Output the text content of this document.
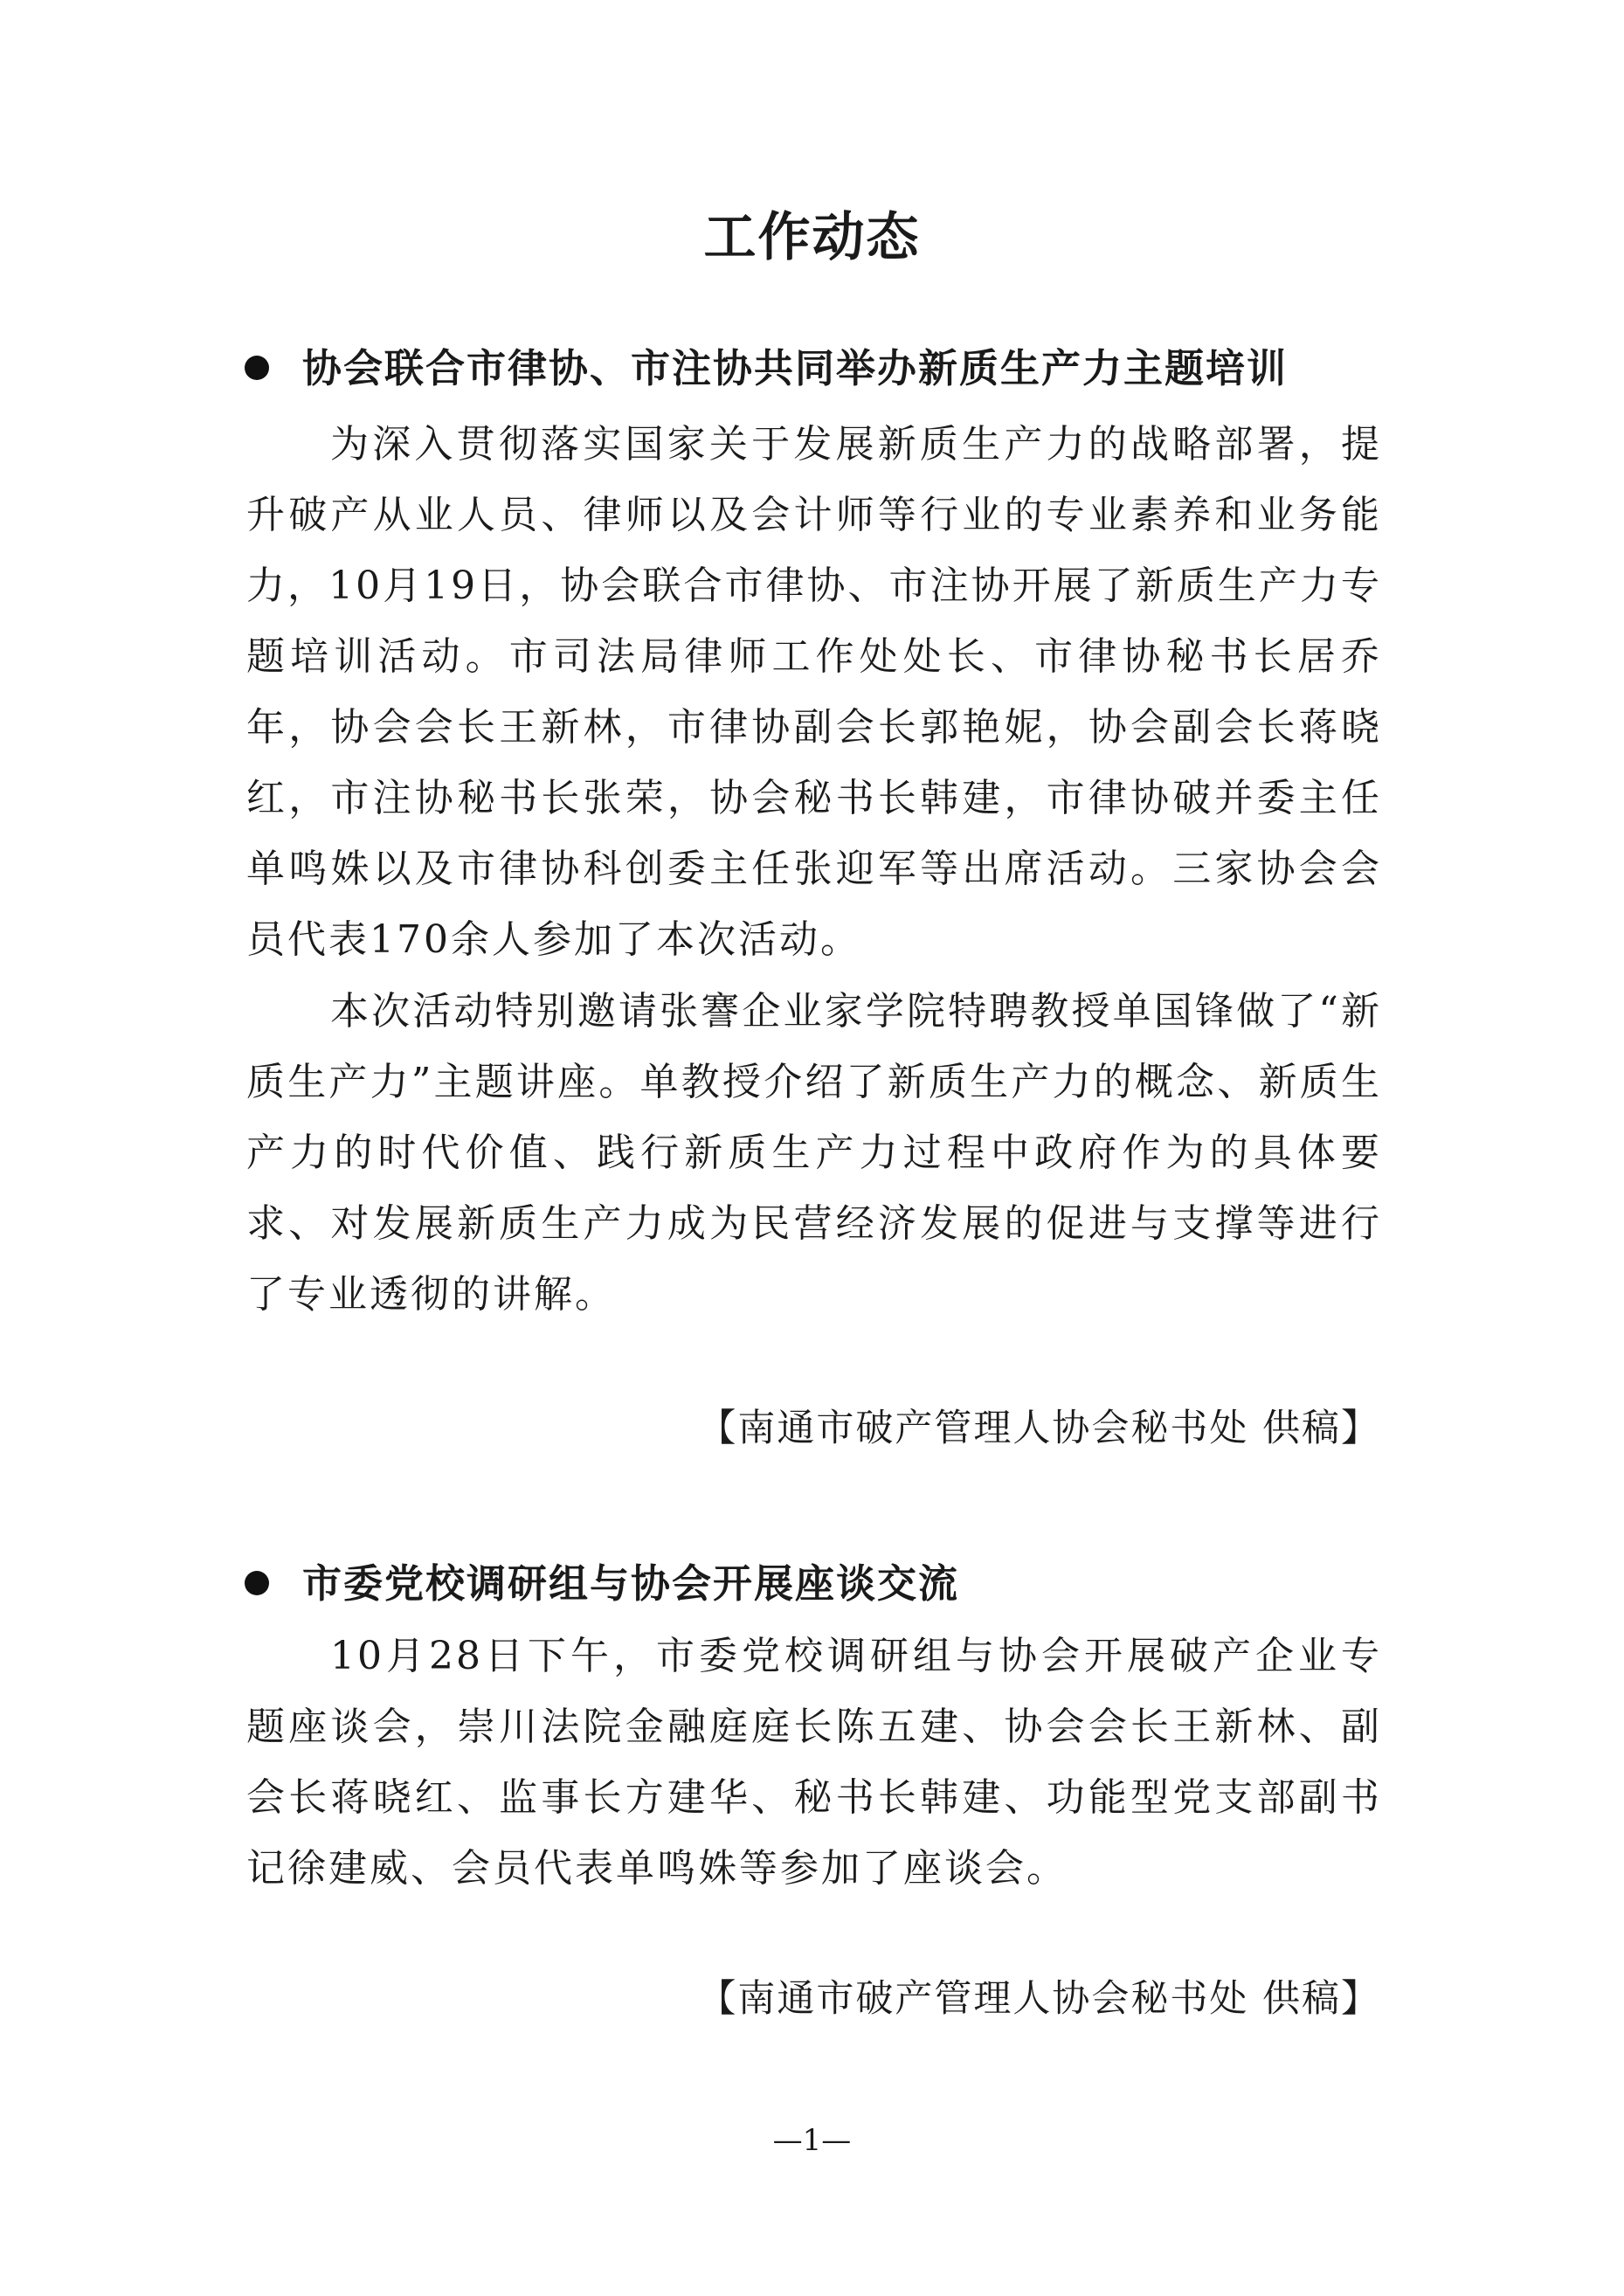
工作动态
协会联合市律协、市注协共同举办新质生产力主题培训
为深入贯彻落实国家关于发展新质生产力的战略部署，提升破产从业人员、律师以及会计师等行业的专业素养和业务能力，10月19日，协会联合市律协、市注协开展了新质生产力专题培训活动。市司法局律师工作处处长、市律协秘书长居乔年，协会会长王新林，市律协副会长郭艳妮，协会副会长蒋晓红，市注协秘书长张荣，协会秘书长韩建，市律协破并委主任单鸣姝以及市律协科创委主任张迎军等出席活动。三家协会会员代表170余人参加了本次活动。
本次活动特别邀请张謇企业家学院特聘教授单国锋做了“新质生产力”主题讲座。单教授介绍了新质生产力的概念、新质生产力的时代价值、践行新质生产力过程中政府作为的具体要求、对发展新质生产力成为民营经济发展的促进与支撑等进行了专业透彻的讲解。
【南通市破产管理人协会秘书处 供稿】
市委党校调研组与协会开展座谈交流
10月28日下午，市委党校调研组与协会开展破产企业专题座谈会，崇川法院金融庭庭长陈五建、协会会长王新林、副会长蒋晓红、监事长方建华、秘书长韩建、功能型党支部副书记徐建威、会员代表单鸣姝等参加了座谈会。
【南通市破产管理人协会秘书处 供稿】
—1—
